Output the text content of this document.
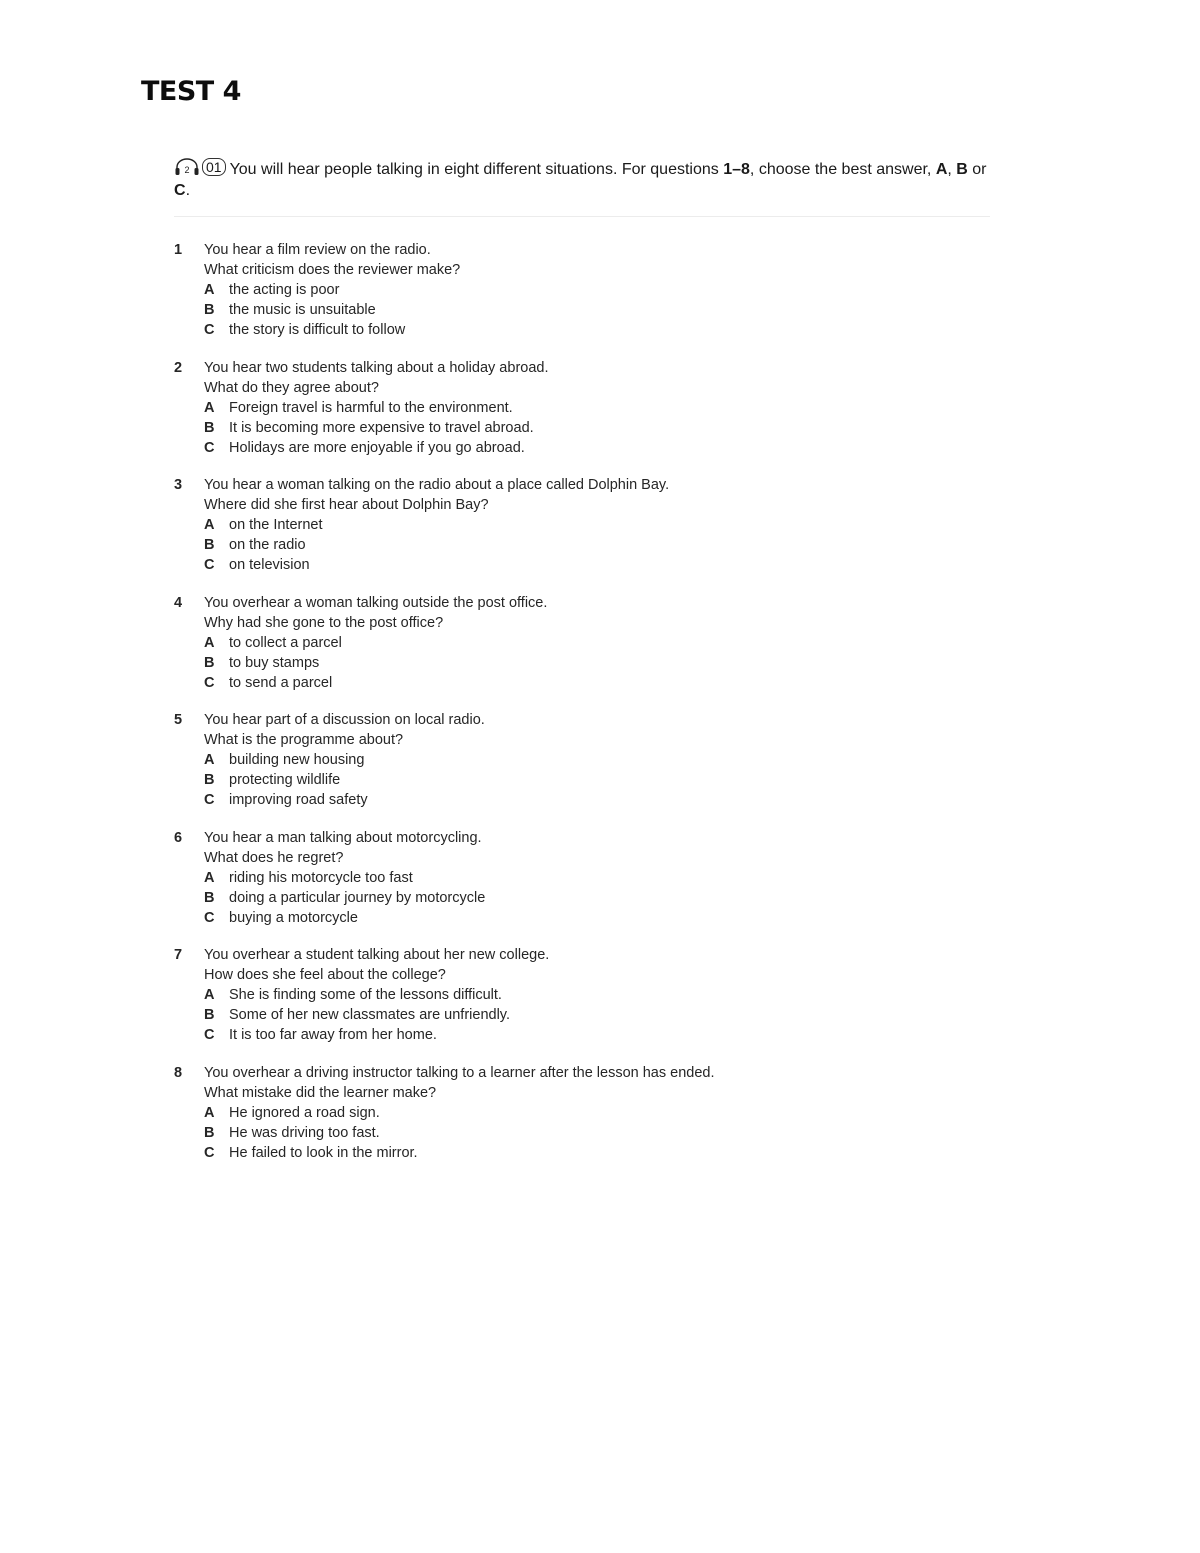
TEST 4
2 01 You will hear people talking in eight different situations. For questions 1–8, choose the best answer, A, B or C.
1 You hear a film review on the radio.
What criticism does the reviewer make?
A	the acting is poor
B	the music is unsuitable
C	the story is difficult to follow
2 You hear two students talking about a holiday abroad.
What do they agree about?
A	Foreign travel is harmful to the environment.
B	It is becoming more expensive to travel abroad.
C	Holidays are more enjoyable if you go abroad.
3 You hear a woman talking on the radio about a place called Dolphin Bay.
Where did she first hear about Dolphin Bay?
A	on the Internet
B	on the radio
C	on television
4 You overhear a woman talking outside the post office.
Why had she gone to the post office?
A	to collect a parcel
B	to buy stamps
C	to send a parcel
5 You hear part of a discussion on local radio.
What is the programme about?
A	building new housing
B	protecting wildlife
C	improving road safety
6 You hear a man talking about motorcycling.
What does he regret?
A	riding his motorcycle too fast
B	doing a particular journey by motorcycle
C	buying a motorcycle
7 You overhear a student talking about her new college.
How does she feel about the college?
A	She is finding some of the lessons difficult.
B	Some of her new classmates are unfriendly.
C	It is too far away from her home.
8 You overhear a driving instructor talking to a learner after the lesson has ended.
What mistake did the learner make?
A	He ignored a road sign.
B	He was driving too fast.
C	He failed to look in the mirror.
